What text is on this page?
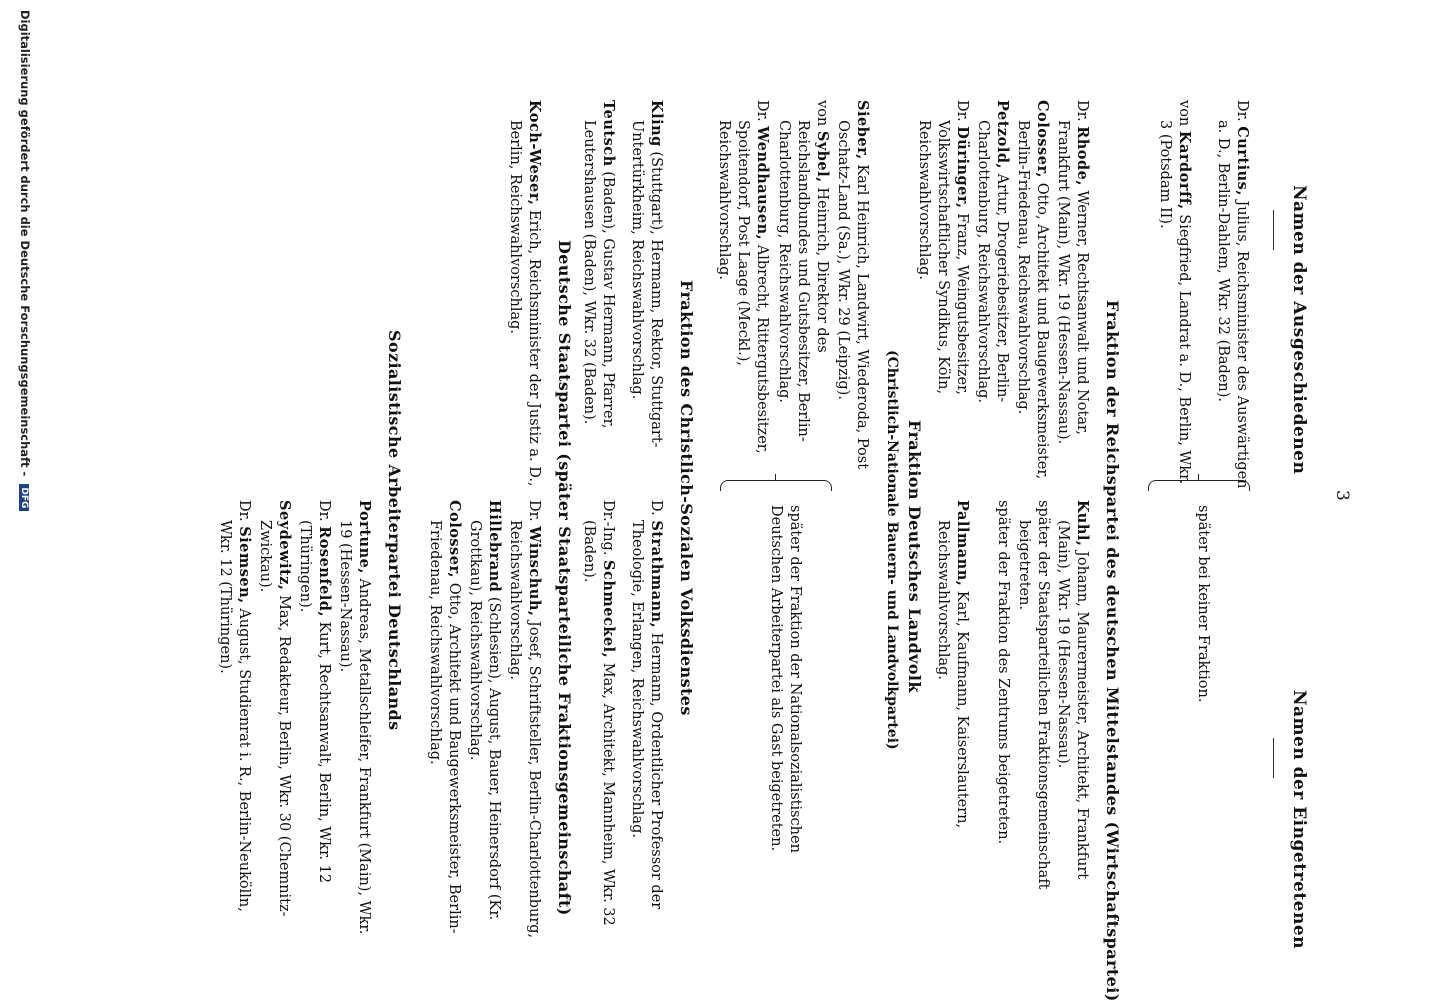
3
Namen der Ausgeschiedenen
Namen der Eingetretenen
Dr. Curtius, Julius, Reichsminister des Auswärtigen a. D., Berlin-Dahlem, Wkr. 32 (Baden).
von Kardorff, Siegfried, Landrat a. D., Berlin, Wkr. 3 (Potsdam II).
später bei keiner Fraktion.
Fraktion der Reichspartei des deutschen Mittelstandes (Wirtschaftspartei)
Dr. Rhode, Werner, Rechtsanwalt und Notar, Frankfurt (Main), Wkr. 19 (Hessen-Nassau).
Colosser, Otto, Architekt und Baugewerksmeister, Berlin-Friedenau, Reichswahlvorschlag.
Petzold, Artur, Drogeriebesitzer, Berlin-Charlottenburg, Reichswahlvorschlag.
Dr. Düringer, Franz, Weingutsbesitzer, Volkswirtschaftlicher Syndikus, Köln, Reichswahlvorschlag.
Kuhl, Johann, Maurermeister, Architekt, Frankfurt (Main), Wkr. 19 (Hessen-Nassau).
später der Staatsparteilichen Fraktionsgemeinschaft beigetreten.
später der Fraktion des Zentrums beigetreten.
Pallmann, Karl, Kaufmann, Kaiserslautern, Reichswahlvorschlag.
Fraktion Deutsches Landvolk
(Christlich-Nationale Bauern- und Landvolkpartei)
Sieber, Karl Heinrich, Landwirt, Wiederoda, Post Oschatz-Land (Sa.), Wkr. 29 (Leipzig).
von Sybel, Heinrich, Direktor des Reichslandbundes und Gutsbesitzer, Berlin-Charlottenburg, Reichswahlvorschlag.
Dr. Wendhausen, Albrecht, Rittergutsbesitzer, Spoitendorf, Post Laage (Meckl.), Reichswahlvorschlag.
später der Fraktion der Nationalsozialistischen Deutschen Arbeiterpartei als Gast beigetreten.
Fraktion des Christlich-Sozialen Volksdienstes
Kling (Stuttgart), Hermann, Rektor, Stuttgart-Untertürkheim, Reichswahlvorschlag.
Teutsch (Baden), Gustav Hermann, Pfarrer, Leutershausen (Baden), Wkr. 32 (Baden).
D. Strathmann, Hermann, Ordentlicher Professor der Theologie, Erlangen, Reichswahlvorschlag.
Dr.-Ing. Schmeckel, Max, Architekt, Mannheim, Wkr. 32 (Baden).
Deutsche Staatspartei (später Staatsparteiliche Fraktionsgemeinschaft)
Koch-Weser, Erich, Reichsminister der Justiz a. D., Berlin, Reichswahlvorschlag.
Dr. Winschuh, Josef, Schriftsteller, Berlin-Charlottenburg, Reichswahlvorschlag.
Hillebrand (Schlesien), August, Bauer, Heinersdorf (Kr. Grottkau), Reichswahlvorschlag.
Colosser, Otto, Architekt und Baugewerksmeister, Berlin-Friedenau, Reichswahlvorschlag.
Sozialistische Arbeiterpartei Deutschlands
Portune, Andreas, Metallschleifer, Frankfurt (Main), Wkr. 19 (Hessen-Nassau).
Dr. Rosenfeld, Kurt, Rechtsanwalt, Berlin, Wkr. 12 (Thüringen).
Seydewitz, Max, Redakteur, Berlin, Wkr. 30 (Chemnitz-Zwickau).
Dr. Siemsen, August, Studienrat i. R., Berlin-Neukölln, Wkr. 12 (Thüringen).
Digitalisierung gefördert durch die Deutsche Forschungsgemeinschaft - DFG
